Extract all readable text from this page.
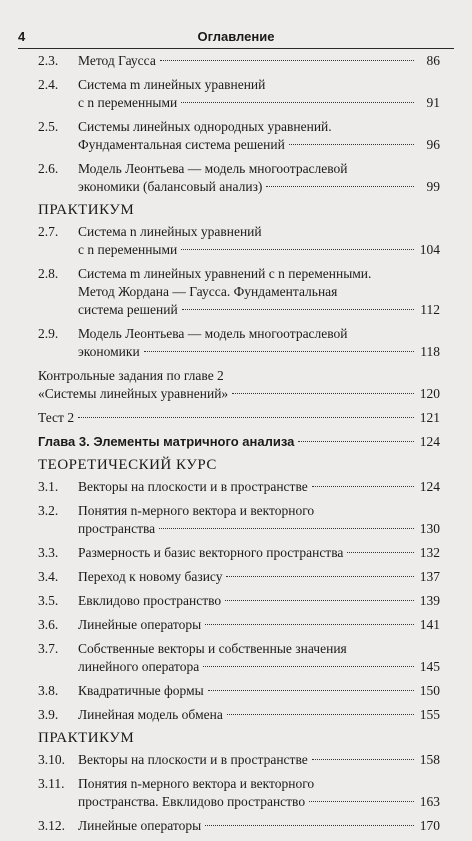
4	Оглавление
2.3. Метод Гаусса	86
2.4. Система m линейных уравнений
с n переменными	91
2.5. Системы линейных однородных уравнений.
Фундаментальная система решений	96
2.6. Модель Леонтьева — модель многоотраслевой
экономики (балансовый анализ)	99
ПРАКТИКУМ
2.7. Система n линейных уравнений
с n переменными	104
2.8. Система m линейных уравнений с n переменными.
Метод Жордана — Гаусса. Фундаментальная
система решений	112
2.9. Модель Леонтьева — модель многоотраслевой
экономики	118
Контрольные задания по главе 2
«Системы линейных уравнений»	120
Тест 2	121
Глава 3. Элементы матричного анализа	124
ТЕОРЕТИЧЕСКИЙ КУРС
3.1. Векторы на плоскости и в пространстве	124
3.2. Понятия n-мерного вектора и векторного
пространства	130
3.3. Размерность и базис векторного пространства	132
3.4. Переход к новому базису	137
3.5. Евклидово пространство	139
3.6. Линейные операторы	141
3.7. Собственные векторы и собственные значения
линейного оператора	145
3.8. Квадратичные формы	150
3.9. Линейная модель обмена	155
ПРАКТИКУМ
3.10. Векторы на плоскости и в пространстве	158
3.11. Понятия n-мерного вектора и векторного
пространства. Евклидово пространство	163
3.12. Линейные операторы	170
